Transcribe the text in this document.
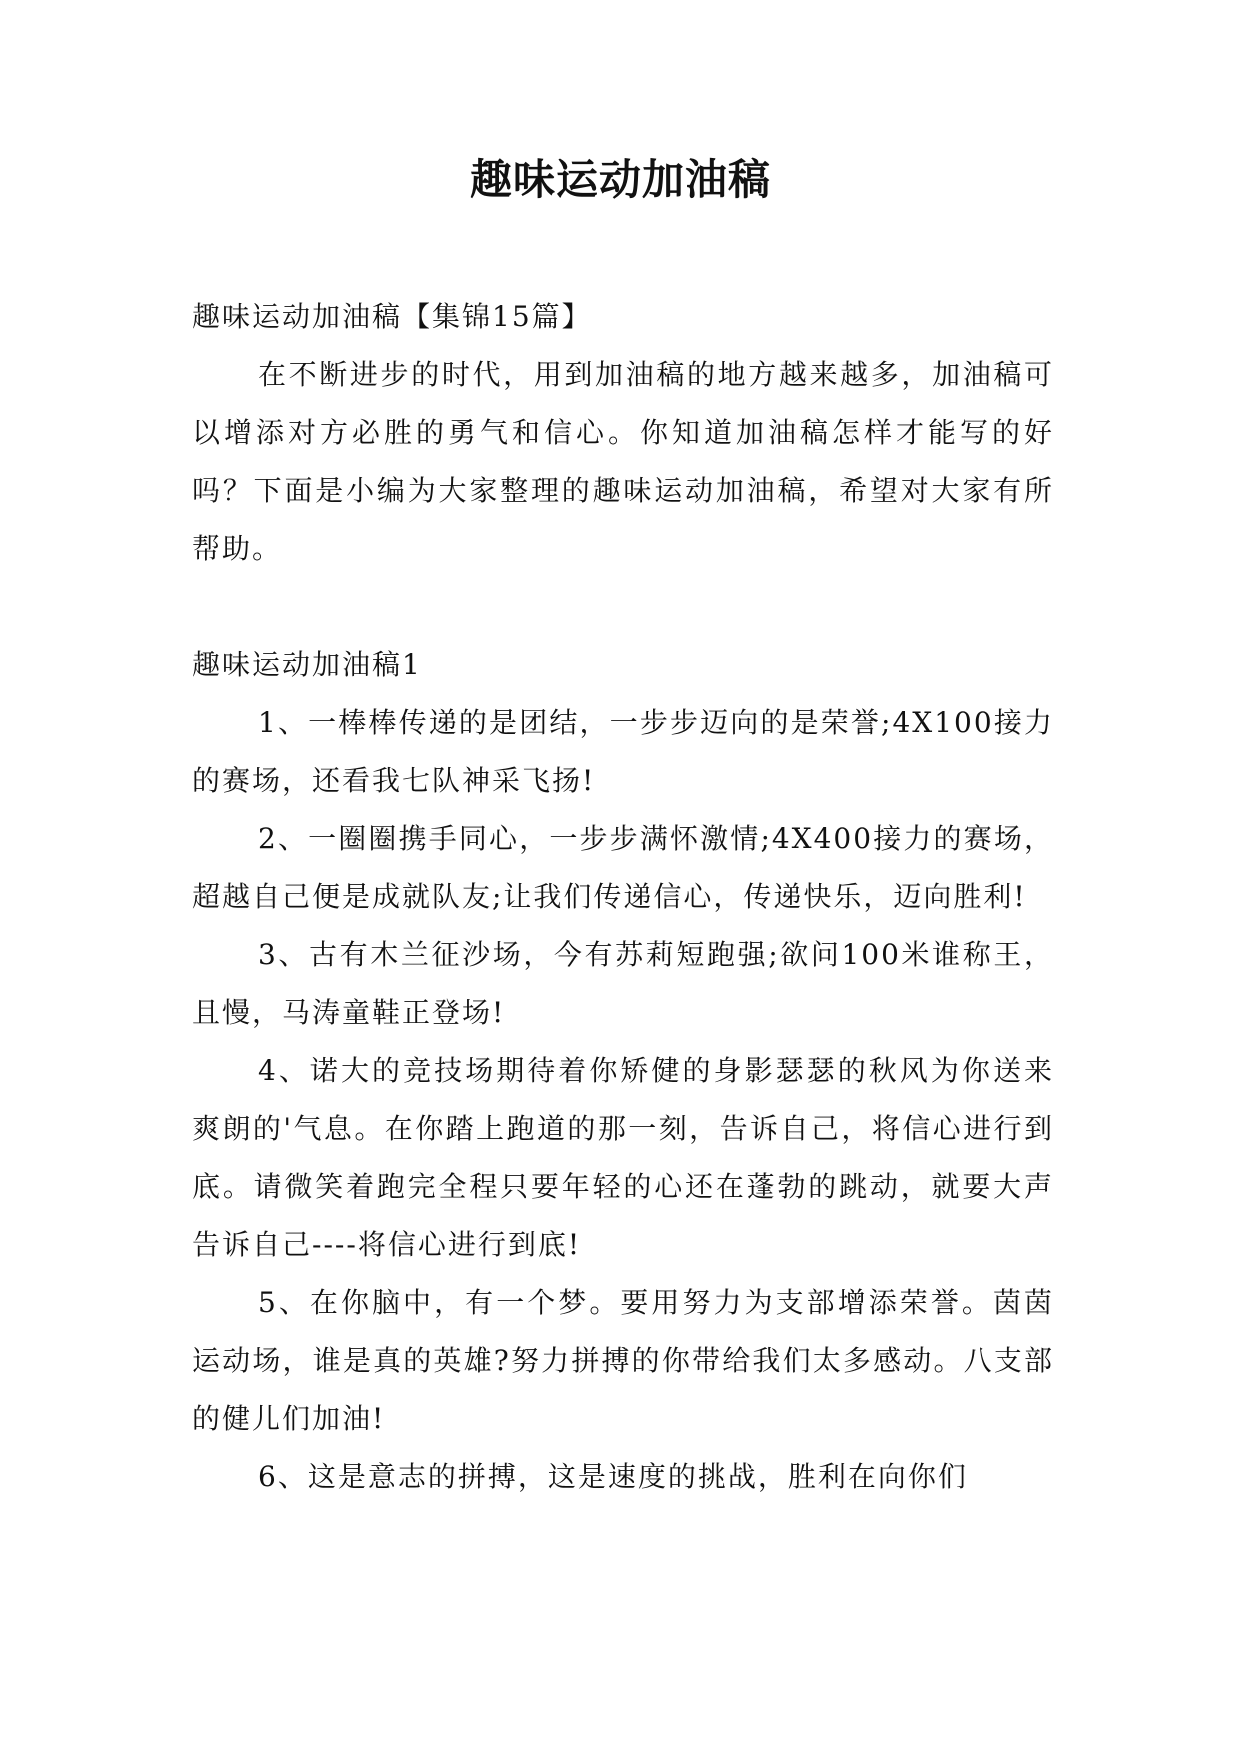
趣味运动加油稿

趣味运动加油稿【集锦15篇】

在不断进步的时代，用到加油稿的地方越来越多，加油稿可以增添对方必胜的勇气和信心。你知道加油稿怎样才能写的好吗？下面是小编为大家整理的趣味运动加油稿，希望对大家有所帮助。

趣味运动加油稿1

1、一棒棒传递的是团结，一步步迈向的是荣誉;4X100接力的赛场，还看我七队神采飞扬!

2、一圈圈携手同心，一步步满怀激情;4X400接力的赛场，超越自己便是成就队友;让我们传递信心，传递快乐，迈向胜利!

3、古有木兰征沙场，今有苏莉短跑强;欲问100米谁称王，且慢，马涛童鞋正登场!

4、诺大的竞技场期待着你矫健的身影瑟瑟的秋风为你送来爽朗的'气息。在你踏上跑道的那一刻，告诉自己，将信心进行到底。请微笑着跑完全程只要年轻的心还在蓬勃的跳动，就要大声告诉自己----将信心进行到底!

5、在你脑中，有一个梦。要用努力为支部增添荣誉。茵茵运动场，谁是真的英雄?努力拼搏的你带给我们太多感动。八支部的健儿们加油!

6、这是意志的拼搏，这是速度的挑战，胜利在向你们
